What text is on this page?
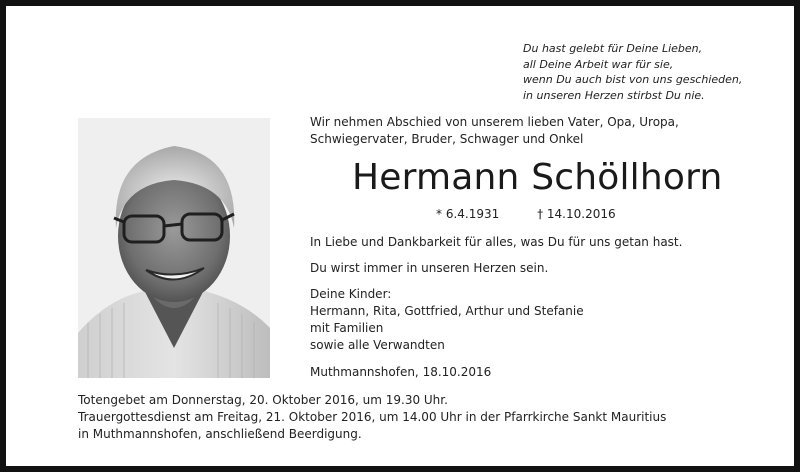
Du hast gelebt für Deine Lieben,
all Deine Arbeit war für sie,
wenn Du auch bist von uns geschieden,
in unseren Herzen stirbst Du nie.
Wir nehmen Abschied von unserem lieben Vater, Opa, Uropa,
Schwiegervater, Bruder, Schwager und Onkel
Hermann Schöllhorn
* 6.4.1931	† 14.10.2016
In Liebe und Dankbarkeit für alles, was Du für uns getan hast.
Du wirst immer in unseren Herzen sein.
Deine Kinder:
Hermann, Rita, Gottfried, Arthur und Stefanie
mit Familien
sowie alle Verwandten
Muthmannshofen, 18.10.2016
Totengebet am Donnerstag, 20. Oktober 2016, um 19.30 Uhr.
Trauergottesdienst am Freitag, 21. Oktober 2016, um 14.00 Uhr in der Pfarrkirche Sankt Mauritius
in Muthmannshofen, anschließend Beerdigung.
